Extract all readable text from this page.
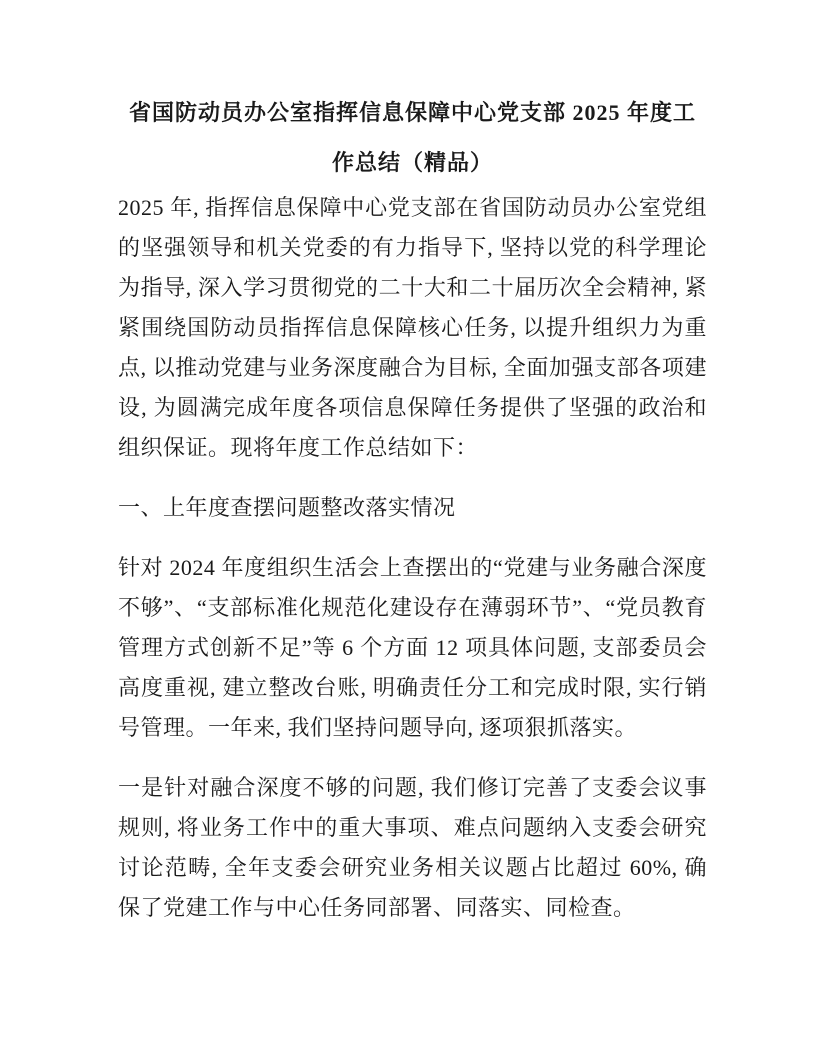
省国防动员办公室指挥信息保障中心党支部 2025 年度工作总结（精品）

2025 年, 指挥信息保障中心党支部在省国防动员办公室党组的坚强领导和机关党委的有力指导下, 坚持以党的科学理论为指导, 深入学习贯彻党的二十大和二十届历次全会精神, 紧紧围绕国防动员指挥信息保障核心任务, 以提升组织力为重点, 以推动党建与业务深度融合为目标, 全面加强支部各项建设, 为圆满完成年度各项信息保障任务提供了坚强的政治和组织保证。现将年度工作总结如下：

一、上年度查摆问题整改落实情况

针对 2024 年度组织生活会上查摆出的“党建与业务融合深度不够”、“支部标准化规范化建设存在薄弱环节”、“党员教育管理方式创新不足”等 6 个方面 12 项具体问题, 支部委员会高度重视, 建立整改台账, 明确责任分工和完成时限, 实行销号管理。一年来, 我们坚持问题导向, 逐项狠抓落实。

一是针对融合深度不够的问题, 我们修订完善了支委会议事规则, 将业务工作中的重大事项、难点问题纳入支委会研究讨论范畴, 全年支委会研究业务相关议题占比超过 60%, 确保了党建工作与中心任务同部署、同落实、同检查。
